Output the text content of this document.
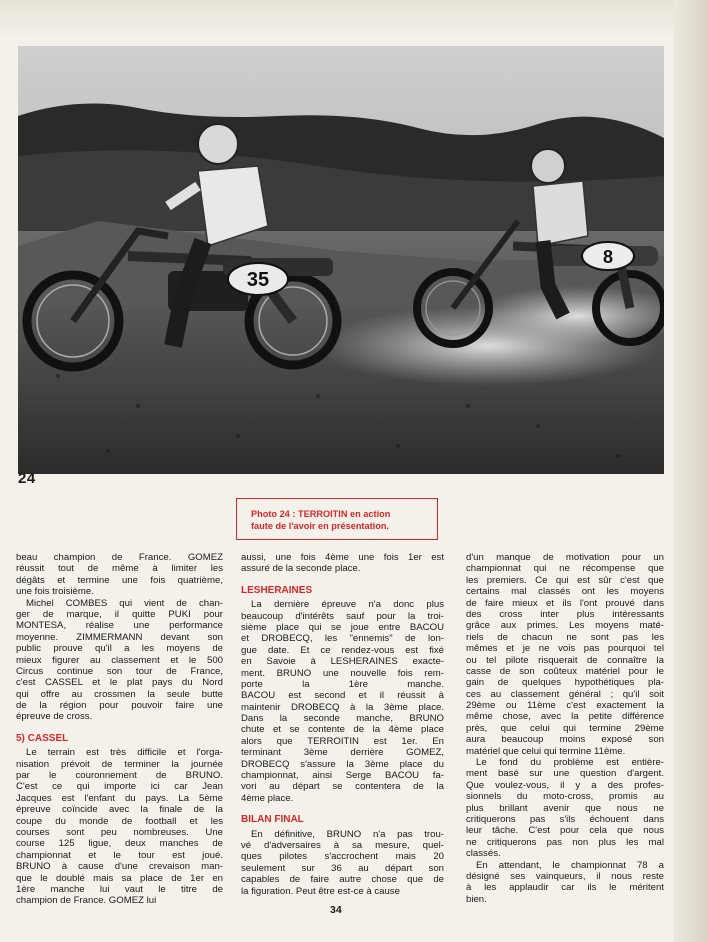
35
8
24
Photo 24 : TERROITIN en action
faute de l'avoir en présentation.
beau champion de France. GOMEZ
réussit tout de même à limiter les
dégâts et termine une fois quatrième,
une fois troisième.
Michel COMBES qui vient de chan-
ger de marque, il quitte PUKI pour
MONTESA, réalise une performance
moyenne. ZIMMERMANN devant son
public prouve qu'il a les moyens de
mieux figurer au classement et le 500
Circus continue son tour de France,
c'est CASSEL et le plat pays du Nord
qui offre au crossmen la seule butte
de la région pour pouvoir faire une
épreuve de cross.
5) CASSEL
Le terrain est très difficile et l'orga-
nisation prévoit de terminer la journée
par le couronnement de BRUNO.
C'est ce qui importe ici car Jean
Jacques est l'enfant du pays. La 5ème
épreuve coïncide avec la finale de la
coupe du monde de football et les
courses sont peu nombreuses. Une
course 125 ligue, deux manches de
championnat et le tour est joué.
BRUNO à cause d'une crevaison man-
que le doublé mais sa place de 1er en
1ère manche lui vaut le titre de
champion de France. GOMEZ lui
aussi, une fois 4ème une fois 1er est
assuré de la seconde place.
LESHERAINES
La dernière épreuve n'a donc plus
beaucoup d'intérêts sauf pour la troi-
sième place qui se joue entre BACOU
et DROBECQ, les "ennemis" de lon-
gue date. Et ce rendez-vous est fixé
en Savoie à LESHERAINES exacte-
ment. BRUNO une nouvelle fois rem-
porte la 1ère manche.
BACOU est second et il réussit à
maintenir DROBECQ à la 3ème place.
Dans la seconde manche, BRUNO
chute et se contente de la 4ème place
alors que TERROITIN est 1er. En
terminant 3ème derrière GOMEZ,
DROBECQ s'assure la 3ème place du
championnat, ainsi Serge BACOU fa-
vori au départ se contentera de la
4ème place.
BILAN FINAL
En définitive, BRUNO n'a pas trou-
vé d'adversaires à sa mesure, quel-
ques pilotes s'accrochent mais 20
seulement sur 36 au départ son
capables de faire autre chose que de
la figuration. Peut être est-ce à cause
d'un manque de motivation pour un
championnat qui ne récompense que
les premiers. Ce qui est sûr c'est que
certains mal classés ont les moyens
de faire mieux et ils l'ont prouvé dans
des cross inter plus intéressants
grâce aux primes. Les moyens maté-
riels de chacun ne sont pas les
mêmes et je ne vois pas pourquoi tel
ou tel pilote risquerait de connaître la
casse de son coûteux matériel pour le
gain de quelques hypothétiques pla-
ces au classement général ; qu'il soit
29ème ou 11ème c'est exactement la
même chose, avec la petite différence
près, que celui qui termine 29ème
aura beaucoup moins exposé son
matériel que celui qui termine 11ème.
Le fond du problème est entière-
ment basé sur une question d'argent.
Que voulez-vous, il y a des profes-
sionnels du moto-cross, promis au
plus brillant avenir que nous ne
critiquerons pas s'ils échouent dans
leur tâche. C'est pour cela que nous
ne critiquerons pas non plus les mal
classés.
En attendant, le championnat 78 a
désigné ses vainqueurs, il nous reste
à les applaudir car ils le méritent
bien.
34
